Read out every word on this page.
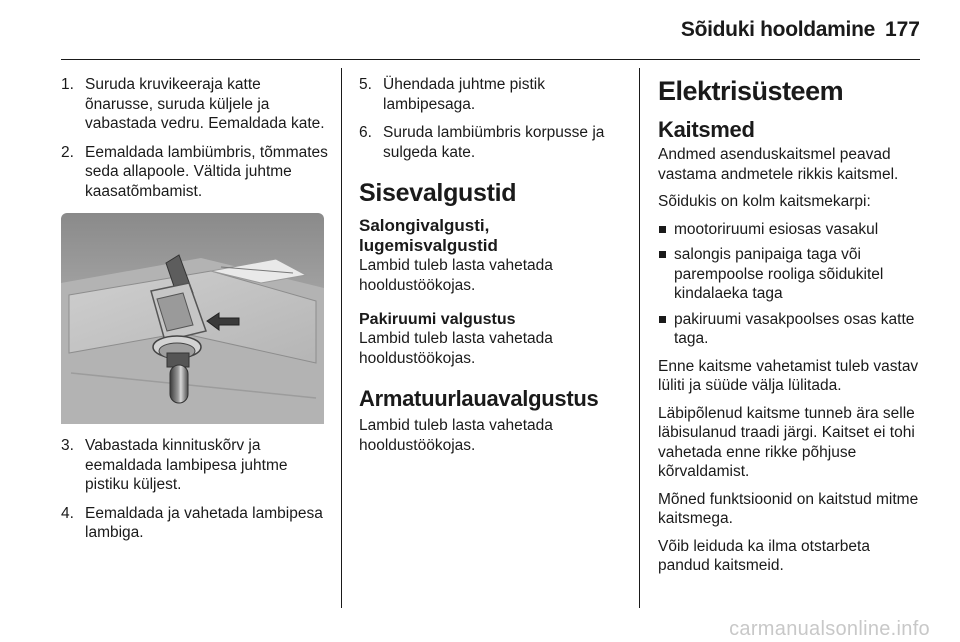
Sõiduki hooldamine 177
1. Suruda kruvikeeraja katte õnarusse, suruda küljele ja vabastada vedru. Eemaldada kate.
2. Eemaldada lambiümbris, tõmmates seda allapoole. Vältida juhtme kaasatõmbamist.
3. Vabastada kinnituskõrv ja eemaldada lambipesa juhtme pistiku küljest.
4. Eemaldada ja vahetada lambipesa lambiga.
5. Ühendada juhtme pistik lambipesaga.
6. Suruda lambiümbris korpusse ja sulgeda kate.
Sisevalgustid
Salongivalgusti,
lugemisvalgustid

Lambid tuleb lasta vahetada hooldustöökojas.

Pakiruumi valgustus

Lambid tuleb lasta vahetada hooldustöökojas.

Armatuurlauavalgustus

Lambid tuleb lasta vahetada hooldustöökojas.

Elektrisüsteem
Kaitsmed

Andmed asenduskaitsmel peavad vastama andmetele rikkis kaitsmel.

Sõidukis on kolm kaitsmekarpi:

mootoriruumi esiosas vasakul
salongis panipaiga taga või parempoolse rooliga sõidukitel kindalaeka taga
pakiruumi vasakpoolses osas katte taga.

Enne kaitsme vahetamist tuleb vastav lüliti ja süüde välja lülitada.

Läbipõlenud kaitsme tunneb ära selle läbisulanud traadi järgi. Kaitset ei tohi vahetada enne rikke põhjuse kõrvaldamist.

Mõned funktsioonid on kaitstud mitme kaitsmega.

Võib leiduda ka ilma otstarbeta pandud kaitsmeid.

carmanualsonline.info
